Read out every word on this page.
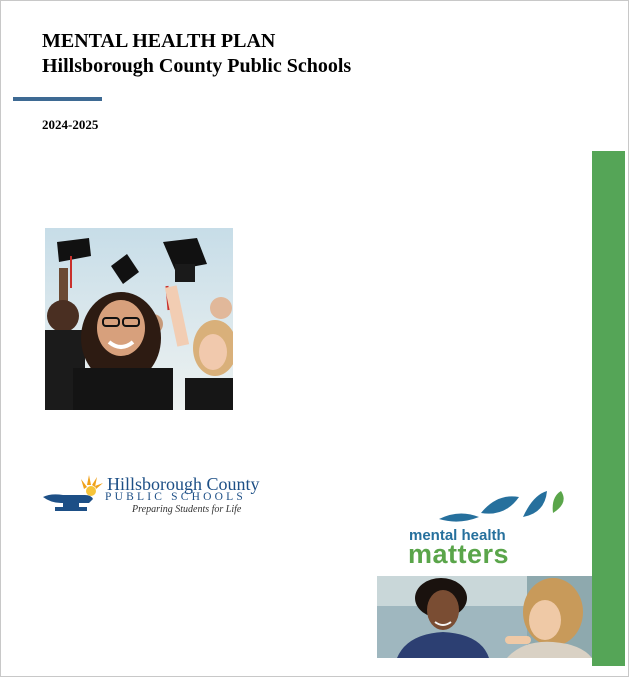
MENTAL HEALTH PLAN
Hillsborough County Public Schools
2024-2025
Hillsborough County
PUBLIC SCHOOLS
Preparing Students for Life
mental health
matters
